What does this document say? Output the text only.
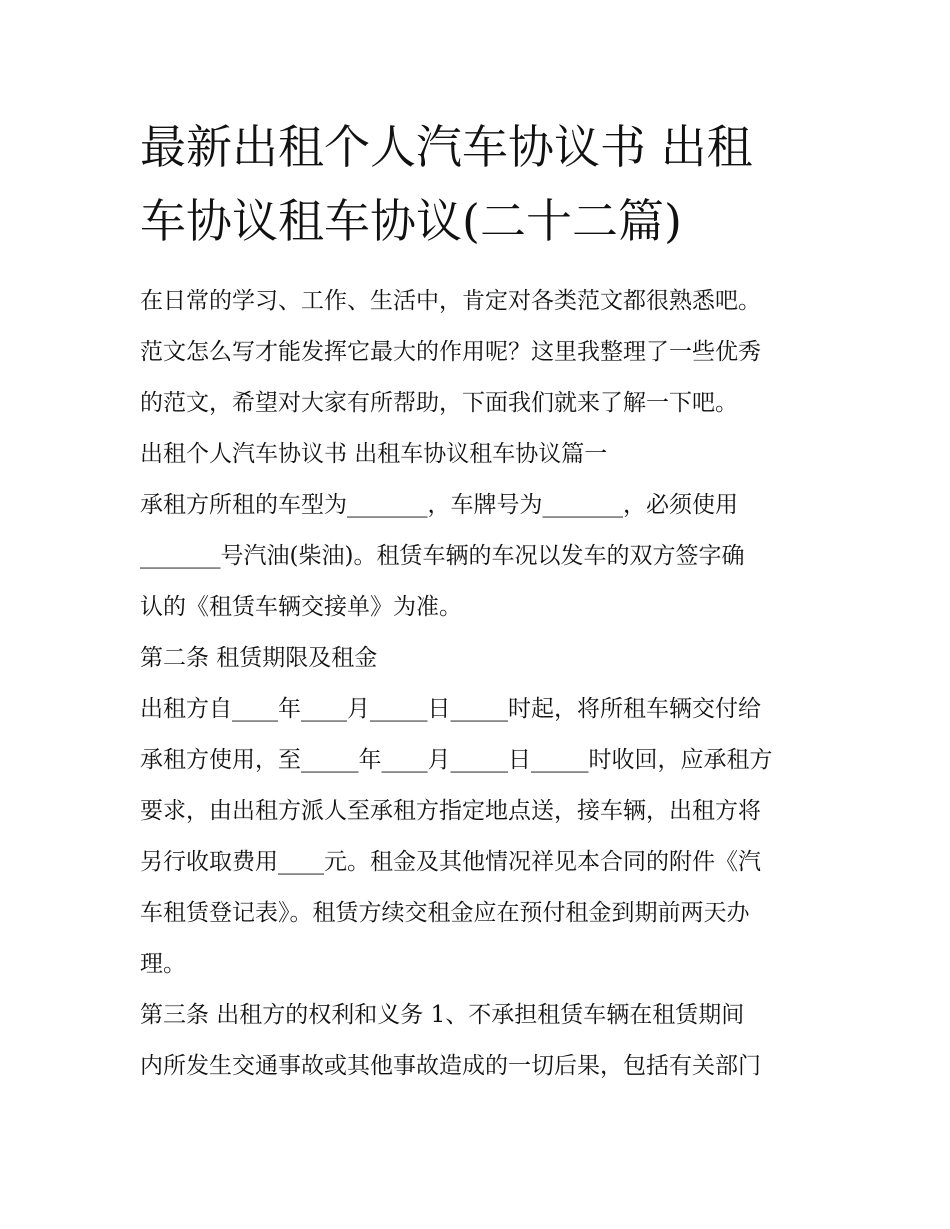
最新出租个人汽车协议书 出租
车协议租车协议(二十二篇)
在日常的学习、工作、生活中，肯定对各类范文都很熟悉吧。
范文怎么写才能发挥它最大的作用呢？这里我整理了一些优秀
的范文，希望对大家有所帮助，下面我们就来了解一下吧。
出租个人汽车协议书 出租车协议租车协议篇一
承租方所租的车型为_______，车牌号为_______，必须使用
_______号汽油(柴油)。租赁车辆的车况以发车的双方签字确
认的《租赁车辆交接单》为准。
第二条 租赁期限及租金
出租方自____年____月_____日_____时起，将所租车辆交付给
承租方使用，至_____年____月_____日_____时收回，应承租方
要求，由出租方派人至承租方指定地点送，接车辆，出租方将
另行收取费用____元。租金及其他情况祥见本合同的附件《汽
车租赁登记表》。租赁方续交租金应在预付租金到期前两天办
理。
第三条 出租方的权利和义务 1、不承担租赁车辆在租赁期间
内所发生交通事故或其他事故造成的一切后果，包括有关部门
